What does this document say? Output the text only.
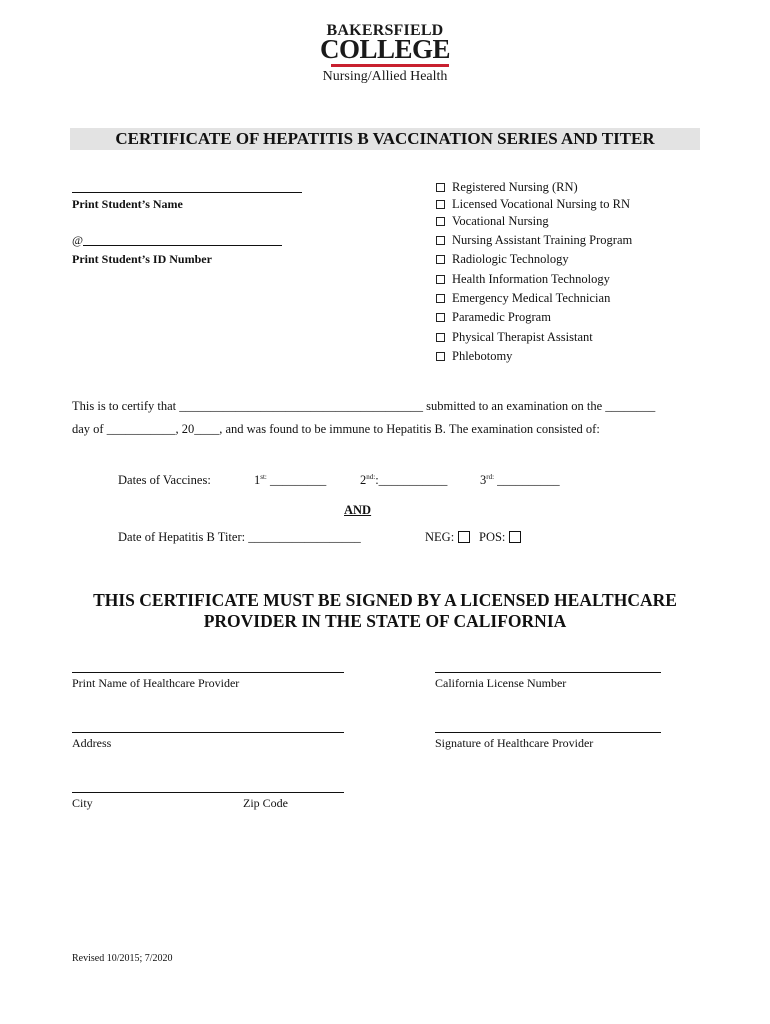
BAKERSFIELD
COLLEGE
Nursing/Allied Health
CERTIFICATE OF HEPATITIS B VACCINATION SERIES AND TITER
Print Student’s Name
@
Print Student’s ID Number
Registered Nursing (RN)
Licensed Vocational Nursing to RN
Vocational Nursing
Nursing Assistant Training Program
Radiologic Technology
Health Information Technology
Emergency Medical Technician
Paramedic Program
Physical Therapist Assistant
Phlebotomy
This is to certify that _______________________________________ submitted to an examination on the ________
day of ___________, 20____, and was found to be immune to Hepatitis B. The examination consisted of:
Dates of Vaccines:	$1^{st:}$ _________	$2^{nd:}:\_\_\_\_\_\_\_\_\_\_\_$	$3^{rd:}$ __________
AND
Date of Hepatitis B Titer: __________________	NEG:	POS:
THIS CERTIFICATE MUST BE SIGNED BY A LICENSED HEALTHCARE
PROVIDER IN THE STATE OF CALIFORNIA
Print Name of Healthcare Provider	California License Number
Address	Signature of Healthcare Provider
City	Zip Code
Revised 10/2015; 7/2020
